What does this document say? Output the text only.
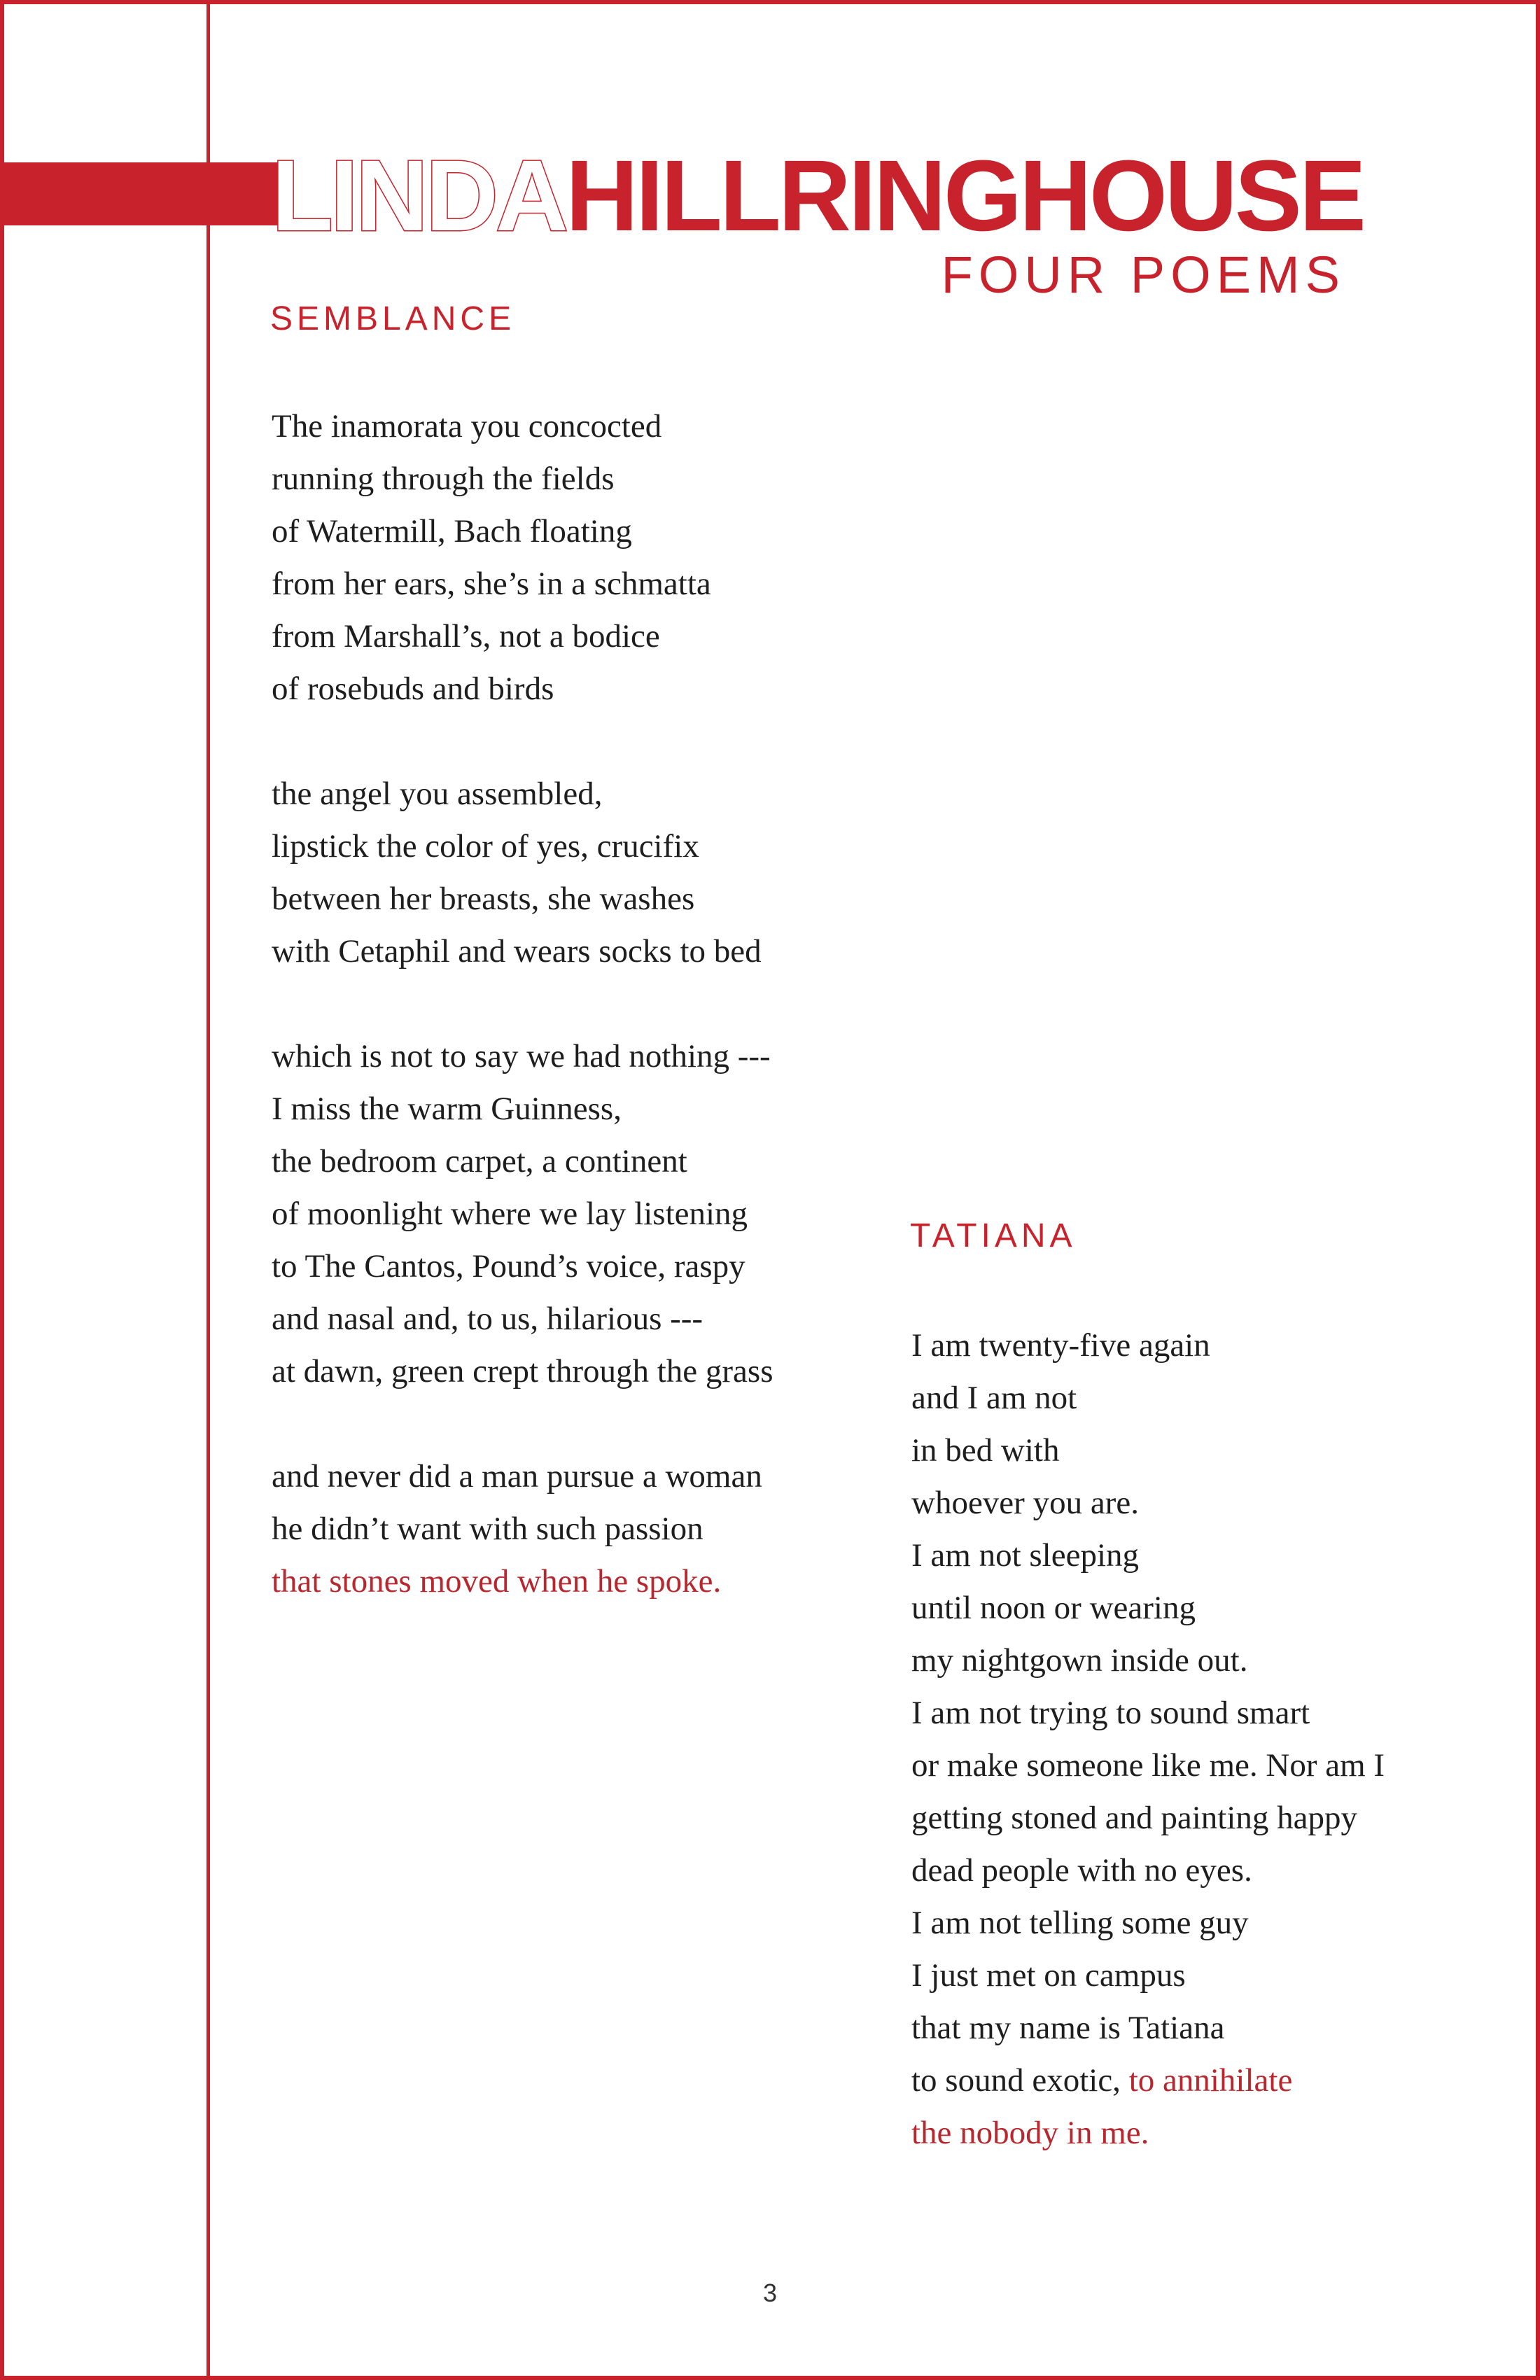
LINDA HILLRINGHOUSE
FOUR POEMS
SEMBLANCE
The inamorata you concocted
running through the fields
of Watermill, Bach floating
from her ears, she’s in a schmatta
from Marshall’s, not a bodice
of rosebuds and birds
the angel you assembled,
lipstick the color of yes, crucifix
between her breasts, she washes
with Cetaphil and wears socks to bed
which is not to say we had nothing ---
I miss the warm Guinness,
the bedroom carpet, a continent
of moonlight where we lay listening
to The Cantos, Pound’s voice, raspy
and nasal and, to us, hilarious ---
at dawn, green crept through the grass
and never did a man pursue a woman
he didn’t want with such passion
that stones moved when he spoke.
TATIANA
I am twenty-five again
and I am not
in bed with
whoever you are.
I am not sleeping
until noon or wearing
my nightgown inside out.
I am not trying to sound smart
or make someone like me. Nor am I
getting stoned and painting happy
dead people with no eyes.
I am not telling some guy
I just met on campus
that my name is Tatiana
to sound exotic, to annihilate
the nobody in me.
3
